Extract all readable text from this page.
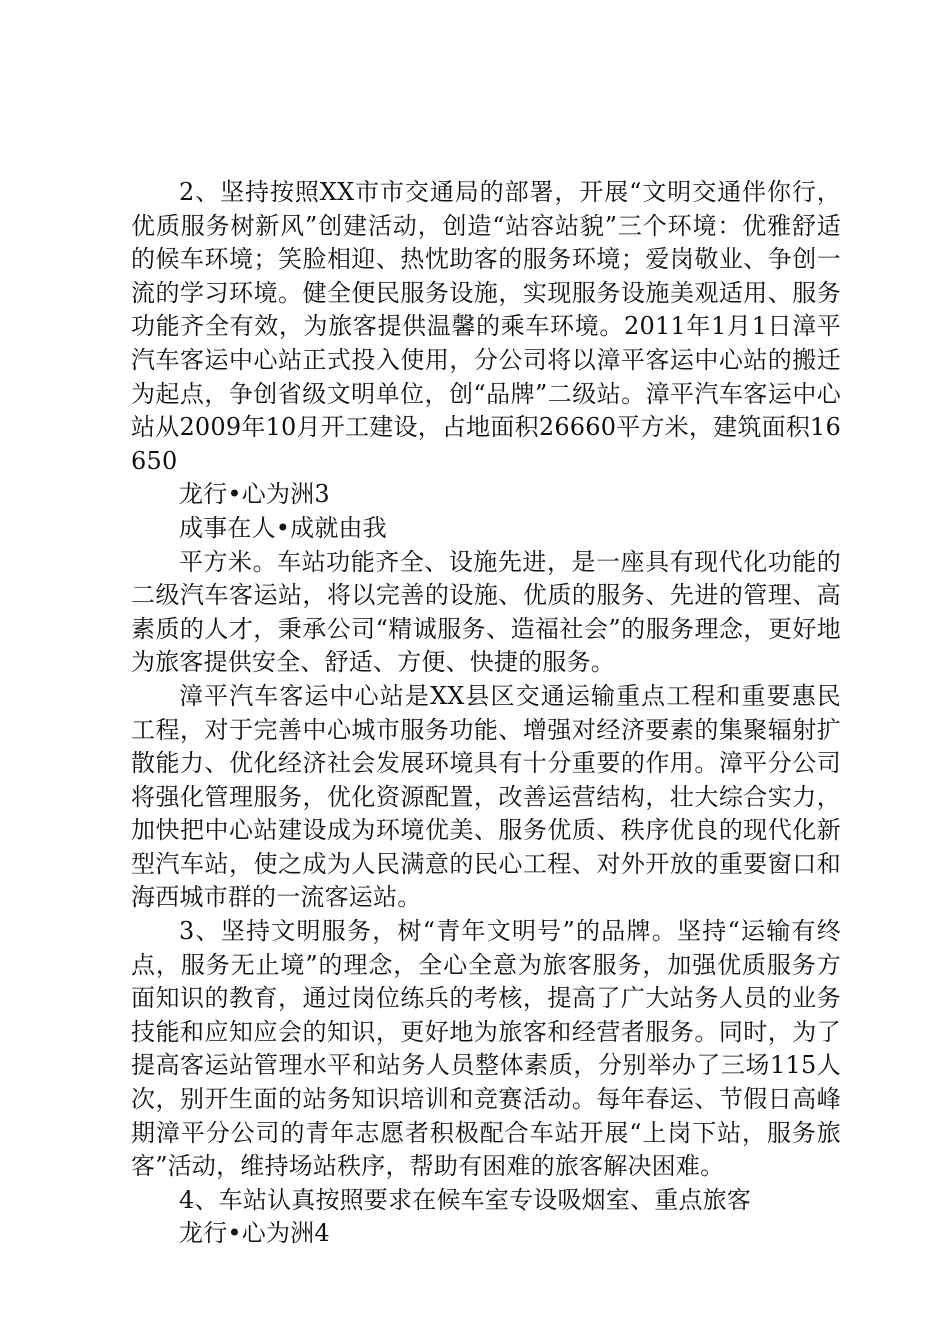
2、坚持按照XX市市交通局的部署，开展“文明交通伴你行，优质服务树新风”创建活动，创造“站容站貌”三个环境：优雅舒适的候车环境；笑脸相迎、热忱助客的服务环境；爱岗敬业、争创一流的学习环境。健全便民服务设施，实现服务设施美观适用、服务功能齐全有效，为旅客提供温馨的乘车环境。2011年1月1日漳平汽车客运中心站正式投入使用，分公司将以漳平客运中心站的搬迁为起点，争创省级文明单位，创“品牌”二级站。漳平汽车客运中心站从2009年10月开工建设，占地面积26660平方米，建筑面积16650

龙行•心为洲3

成事在人•成就由我

平方米。车站功能齐全、设施先进，是一座具有现代化功能的二级汽车客运站，将以完善的设施、优质的服务、先进的管理、高素质的人才，秉承公司“精诚服务、造福社会”的服务理念，更好地为旅客提供安全、舒适、方便、快捷的服务。

漳平汽车客运中心站是XX县区交通运输重点工程和重要惠民工程，对于完善中心城市服务功能、增强对经济要素的集聚辐射扩散能力、优化经济社会发展环境具有十分重要的作用。漳平分公司将强化管理服务，优化资源配置，改善运营结构，壮大综合实力，加快把中心站建设成为环境优美、服务优质、秩序优良的现代化新型汽车站，使之成为人民满意的民心工程、对外开放的重要窗口和海西城市群的一流客运站。

3、坚持文明服务，树“青年文明号”的品牌。坚持“运输有终点，服务无止境”的理念，全心全意为旅客服务，加强优质服务方面知识的教育，通过岗位练兵的考核，提高了广大站务人员的业务技能和应知应会的知识，更好地为旅客和经营者服务。同时，为了提高客运站管理水平和站务人员整体素质，分别举办了三场115人次，别开生面的站务知识培训和竞赛活动。每年春运、节假日高峰期漳平分公司的青年志愿者积极配合车站开展“上岗下站，服务旅客”活动，维持场站秩序，帮助有困难的旅客解决困难。

4、车站认真按照要求在候车室专设吸烟室、重点旅客

龙行•心为洲4
